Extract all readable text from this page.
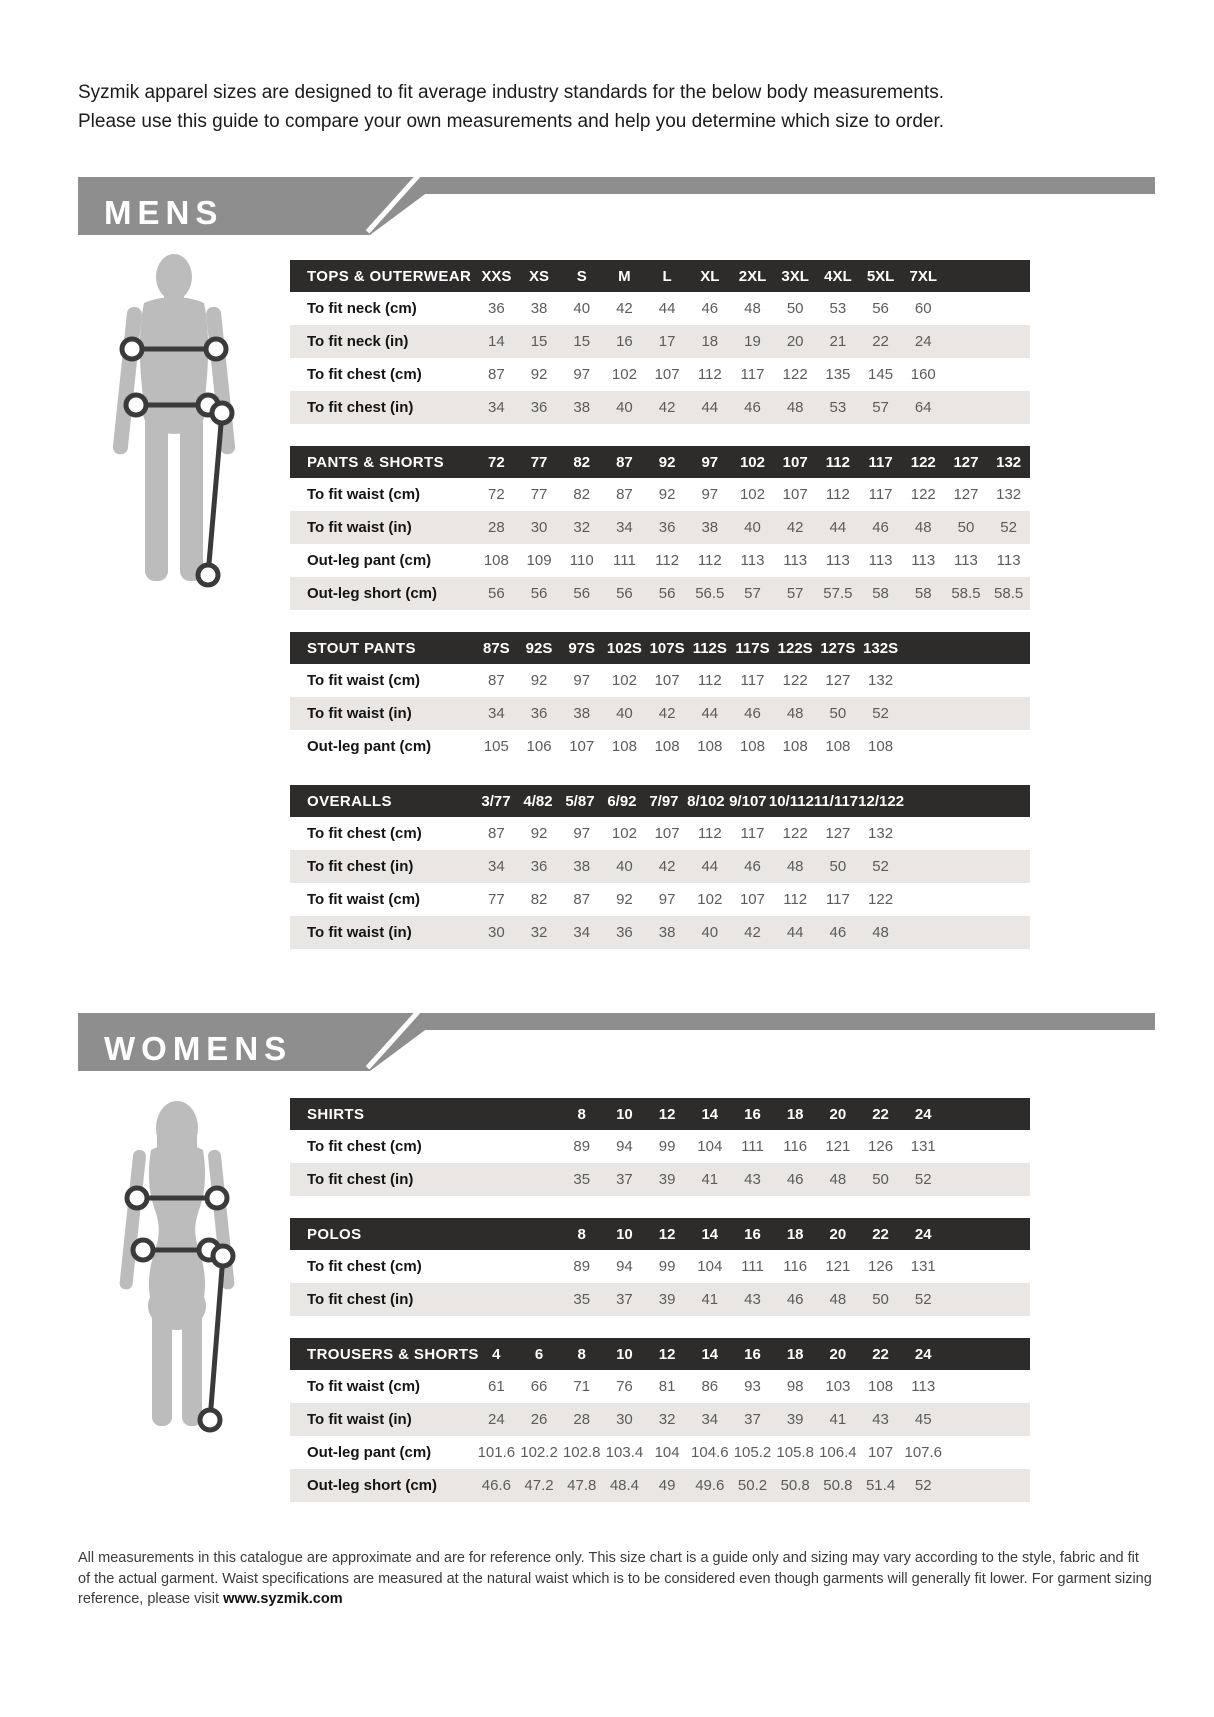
Syzmik apparel sizes are designed to fit average industry standards for the below body measurements.
Please use this guide to compare your own measurements and help you determine which size to order.
MENS
TOPS & OUTERWEAR XXS	XS	S	M	L	XL	2XL	3XL	4XL	5XL	7XL
To fit neck (cm)	36	38	40	42	44	46	48	50	53	56	60
To fit neck (in)	14	15	15	16	17	18	19	20	21	22	24
To fit chest (cm)	87	92	97	102	107	112	117	122	135	145	160
To fit chest (in)	34	36	38	40	42	44	46	48	53	57	64
PANTS & SHORTS	72	77	82	87	92	97	102	107	112	117	122	127	132
To fit waist (cm)	72	77	82	87	92	97	102	107	112	117	122	127	132
To fit waist (in)	28	30	32	34	36	38	40	42	44	46	48	50	52
Out-leg pant (cm)	108	109	110	111	112	112	113	113	113	113	113	113	113
Out-leg short (cm)	56	56	56	56	56	56.5	57	57	57.5	58	58	58.5 58.5
STOUT PANTS	87S	92S	97S 102S 107S 112S 117S 122S 127S 132S
To fit waist (cm)	87	92	97	102	107	112	117	122	127	132
To fit waist (in)	34	36	38	40	42	44	46	48	50	52
Out-leg pant (cm)	105	106	107	108	108	108	108	108	108	108
OVERALLS	3/77 4/82 5/87 6/92 7/97 8/102 9/107 10/112 11/117 12/122
To fit chest (cm)	87	92	97	102	107	112	117	122	127	132
To fit chest (in)	34	36	38	40	42	44	46	48	50	52
To fit waist (cm)	77	82	87	92	97	102	107	112	117	122
To fit waist (in)	30	32	34	36	38	40	42	44	46	48
WOMENS
SHIRTS	8	10	12	14	16	18	20	22	24
To fit chest (cm)	89	94	99	104	111	116	121	126	131
To fit chest (in)	35	37	39	41	43	46	48	50	52
POLOS	8	10	12	14	16	18	20	22	24
To fit chest (cm)	89	94	99	104	111	116	121	126	131
To fit chest (in)	35	37	39	41	43	46	48	50	52
TROUSERS & SHORTS 4	6	8	10	12	14	16	18	20	22	24
To fit waist (cm)	61	66	71	76	81	86	93	98	103	108	113
To fit waist (in)	24	26	28	30	32	34	37	39	41	43	45
Out-leg pant (cm)	101.6 102.2 102.8 103.4 104 104.6 105.2 105.8 106.4 107 107.6
Out-leg short (cm)	46.6 47.2 47.8 48.4	49	49.6 50.2 50.8 50.8 51.4	52
All measurements in this catalogue are approximate and are for reference only. This size chart is a guide only and sizing may vary according to the style, fabric and fit of the actual garment. Waist specifications are measured at the natural waist which is to be considered even though garments will generally fit lower. For garment sizing reference, please visit www.syzmik.com
